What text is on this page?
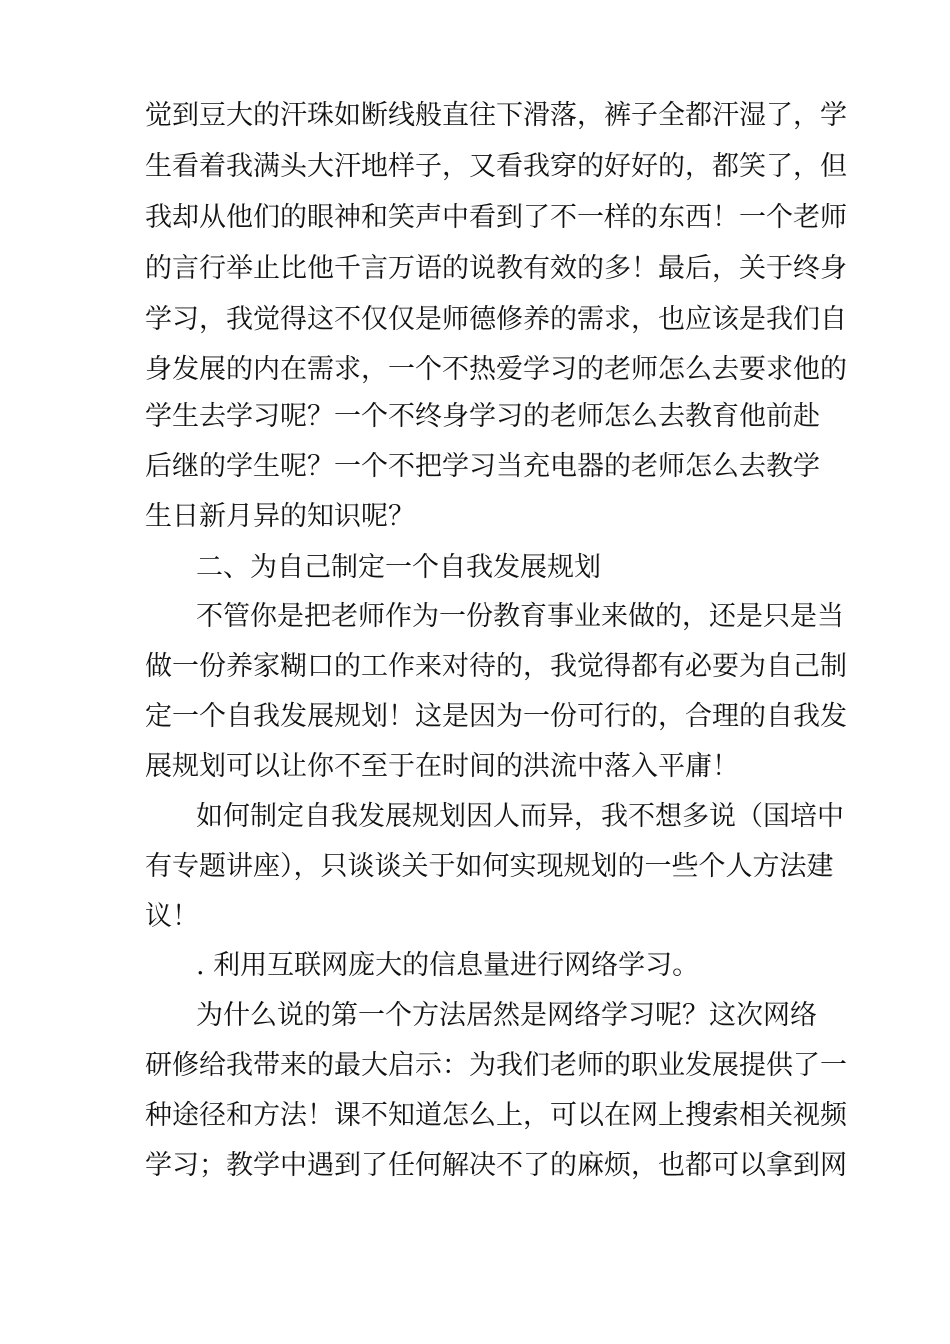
觉到豆大的汗珠如断线般直往下滑落，裤子全都汗湿了，学

生看着我满头大汗地样子，又看我穿的好好的，都笑了，但

我却从他们的眼神和笑声中看到了不一样的东西！一个老师

的言行举止比他千言万语的说教有效的多！最后，关于终身

学习，我觉得这不仅仅是师德修养的需求，也应该是我们自

身发展的内在需求，一个不热爱学习的老师怎么去要求他的

学生去学习呢？一个不终身学习的老师怎么去教育他前赴

后继的学生呢？一个不把学习当充电器的老师怎么去教学

生日新月异的知识呢？

二、为自己制定一个自我发展规划

不管你是把老师作为一份教育事业来做的，还是只是当

做一份养家糊口的工作来对待的，我觉得都有必要为自己制

定一个自我发展规划！这是因为一份可行的，合理的自我发

展规划可以让你不至于在时间的洪流中落入平庸！

如何制定自我发展规划因人而异，我不想多说（国培中

有专题讲座），只谈谈关于如何实现规划的一些个人方法建

议！

. 利用互联网庞大的信息量进行网络学习。

为什么说的第一个方法居然是网络学习呢？这次网络

研修给我带来的最大启示：为我们老师的职业发展提供了一

种途径和方法！课不知道怎么上，可以在网上搜索相关视频

学习；教学中遇到了任何解决不了的麻烦，也都可以拿到网
